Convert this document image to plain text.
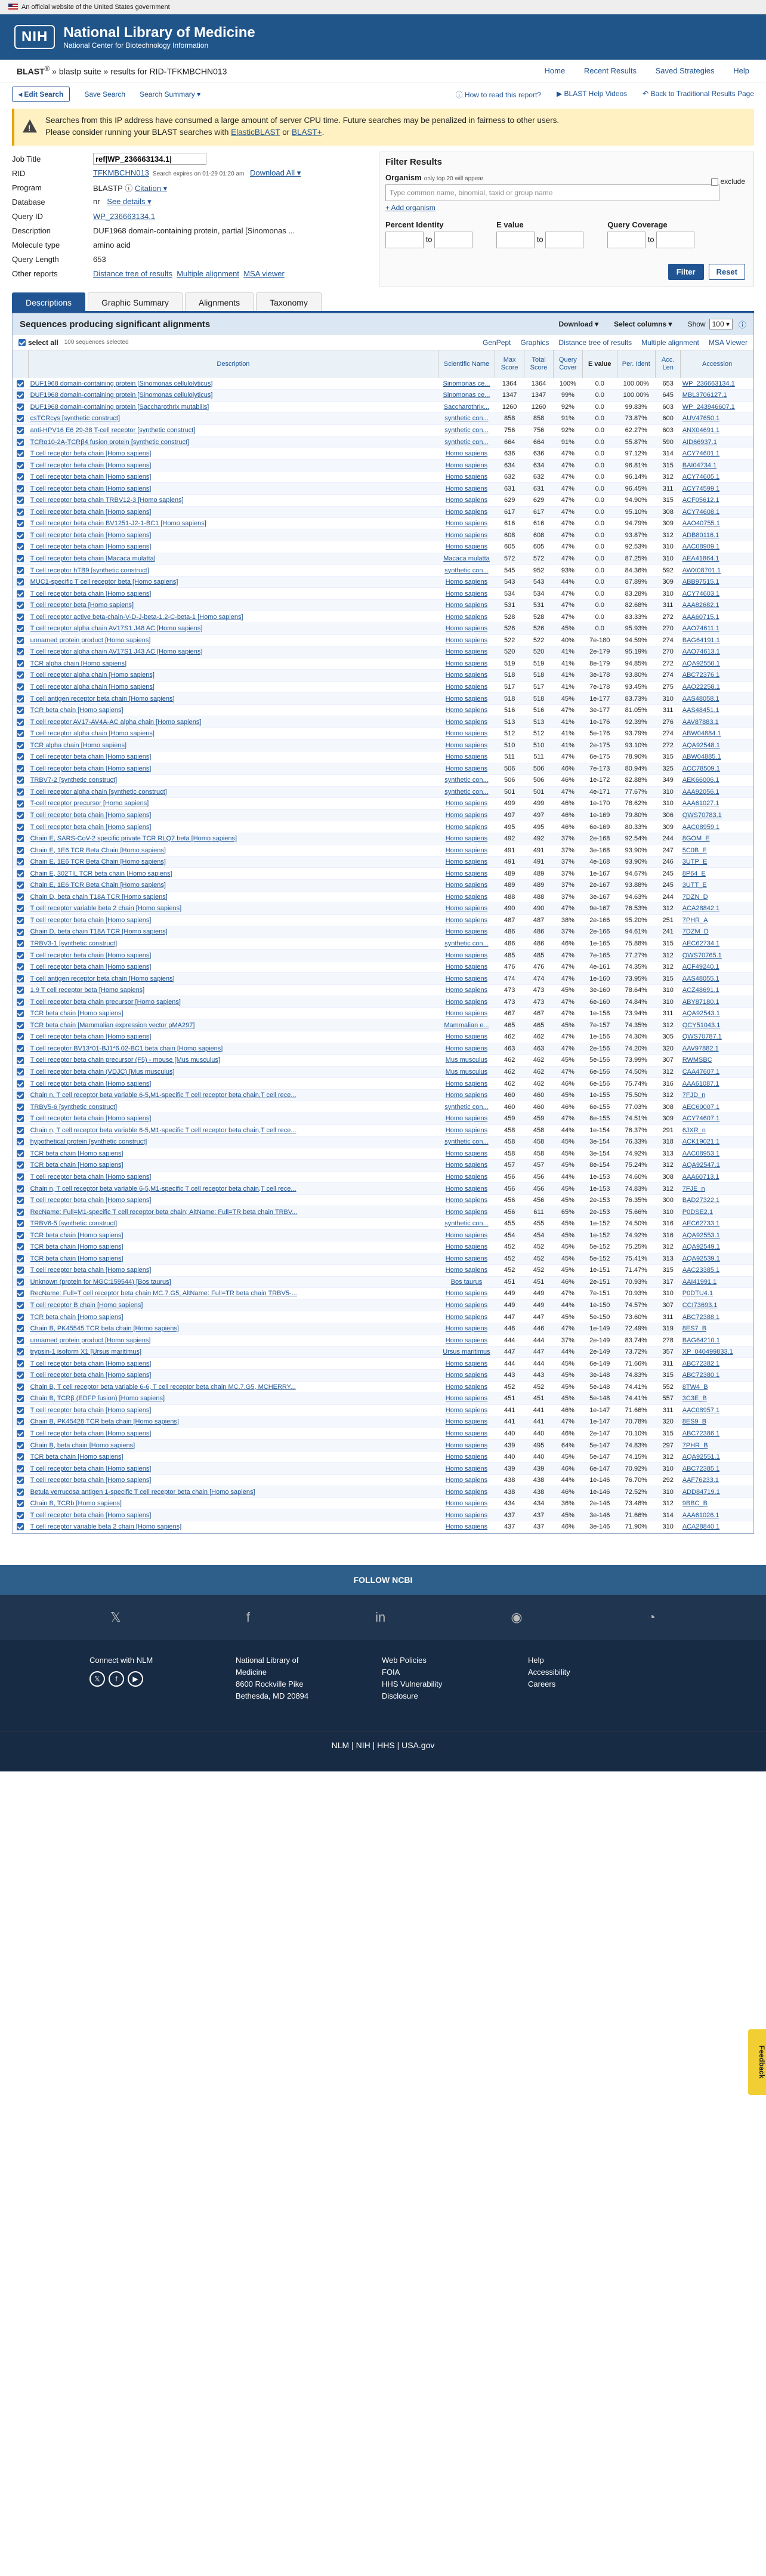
An official website of the United States government
NIH	National Library of Medicine
National Center for Biotechnology Information
BLAST® » blastp suite » results for RID-TFKMBCHN013	Home Recent Results Saved Strategies Help
◂ Edit Search	Save Search Search Summary ▾	ⓘ How to read this report? ▶ BLAST Help Videos ↶ Back to Traditional Results Page
!
Searches from this IP address have consumed a large amount of server CPU time. Future searches may be penalized in fairness to other users.
Please consider running your BLAST searches with ElasticBLAST or BLAST+.
Job Title
ref|WP_236663134.1|
RID	TFKMBCHN013 Search expires on 01-29 01:20 am Download All ▾
Program	BLASTP ⓘ Citation ▾
Database	nr See details ▾
Query ID	WP_236663134.1
Description	DUF1968 domain-containing protein, partial [Sinomonas ...
Molecule type	amino acid
Query Length	653
Other reports	Distance tree of results Multiple alignment MSA viewer
Filter Results
Organism only top 20 will appear	exclude
Type common name, binomial, taxid or group name
+ Add organism
Percent Identity
to
E value
to
Query Coverage
to
Filter	Reset
Descriptions	Graphic Summary	Alignments	Taxonomy
Sequences producing significant alignments	Download ▾ Select columns ▾ Show 100 ▾	ⓘ
select all 100 sequences selected	GenPept Graphics Distance tree of results Multiple alignment MSA Viewer
	Description	Scientific Name	Max Score	Total Score	Query Cover	E value	Per. Ident	Acc. Len	Accession
	DUF1968 domain-containing protein [Sinomonas cellulolyticus]	Sinomonas ce...	1364	1364	100%	0.0	100.00%	653	WP_236663134.1
	DUF1968 domain-containing protein [Sinomonas cellulolyticus]	Sinomonas ce...	1347	1347	99%	0.0	100.00%	645	MBL3706127.1
	DUF1968 domain-containing protein [Saccharothrix mutabilis]	Saccharothrix...	1260	1260	92%	0.0	99.83%	603	WP_243946607.1
	csTCRcys [synthetic construct]	synthetic con...	858	858	91%	0.0	73.87%	600	AUV47650.1
	anti-HPV16 E6 29-38 T-cell receptor [synthetic construct]	synthetic con...	756	756	92%	0.0	62.27%	603	ANX04691.1
	TCRα10-2A-TCRβ4 fusion protein [synthetic construct]	synthetic con...	664	664	91%	0.0	55.87%	590	AID66937.1
	T cell receptor beta chain [Homo sapiens]	Homo sapiens	636	636	47%	0.0	97.12%	314	ACY74601.1
	T cell receptor beta chain [Homo sapiens]	Homo sapiens	634	634	47%	0.0	96.81%	315	BAI04734.1
	T cell receptor beta chain [Homo sapiens]	Homo sapiens	632	632	47%	0.0	96.14%	312	ACY74605.1
	T cell receptor beta chain [Homo sapiens]	Homo sapiens	631	631	47%	0.0	96.45%	311	ACY74599.1
	T cell receptor beta chain TRBV12-3 [Homo sapiens]	Homo sapiens	629	629	47%	0.0	94.90%	315	ACF05612.1
	T cell receptor beta chain [Homo sapiens]	Homo sapiens	617	617	47%	0.0	95.10%	308	ACY74608.1
	T cell receptor beta chain BV1251-J2-1-BC1 [Homo sapiens]	Homo sapiens	616	616	47%	0.0	94.79%	309	AAO40755.1
	T cell receptor beta chain [Homo sapiens]	Homo sapiens	608	608	47%	0.0	93.87%	312	ADB80116.1
	T cell receptor beta chain [Homo sapiens]	Homo sapiens	605	605	47%	0.0	92.53%	310	AAC08909.1
	T cell receptor beta chain [Macaca mulatta]	Macaca mulatta	572	572	47%	0.0	87.25%	310	AEA41864.1
	T cell receptor hTB9 [synthetic construct]	synthetic con...	545	952	93%	0.0	84.36%	592	AWX08701.1
	MUC1-specific T cell receptor beta [Homo sapiens]	Homo sapiens	543	543	44%	0.0	87.89%	309	ABB97515.1
	T cell receptor beta chain [Homo sapiens]	Homo sapiens	534	534	47%	0.0	83.28%	310	ACY74603.1
	T cell receptor beta [Homo sapiens]	Homo sapiens	531	531	47%	0.0	82.68%	311	AAA82682.1
	T cell receptor active beta-chain-V-D-J-beta-1.2-C-beta-1 [Homo sapiens]	Homo sapiens	528	528	47%	0.0	83.33%	272	AAA60715.1
	T cell receptor alpha chain AV17S1 J48 AC [Homo sapiens]	Homo sapiens	526	526	45%	0.0	95.93%	270	AAO74611.1
	unnamed protein product [Homo sapiens]	Homo sapiens	522	522	40%	7e-180	94.59%	274	BAG64191.1
	T cell receptor alpha chain AV17S1 J43 AC [Homo sapiens]	Homo sapiens	520	520	41%	2e-179	95.19%	270	AAO74613.1
	TCR alpha chain [Homo sapiens]	Homo sapiens	519	519	41%	8e-179	94.85%	272	AQA92550.1
	T cell receptor alpha chain [Homo sapiens]	Homo sapiens	518	518	41%	3e-178	93.80%	274	ABC72376.1
	T cell receptor alpha chain [Homo sapiens]	Homo sapiens	517	517	41%	7e-178	93.45%	275	AAO22258.1
	T cell antigen receptor beta chain [Homo sapiens]	Homo sapiens	518	518	45%	1e-177	83.73%	310	AAS48058.1
	TCR beta chain [Homo sapiens]	Homo sapiens	516	516	47%	3e-177	81.05%	311	AAS48451.1
	T cell receptor AV17-AV4A-AC alpha chain [Homo sapiens]	Homo sapiens	513	513	41%	1e-176	92.39%	276	AAV87883.1
	T cell receptor alpha chain [Homo sapiens]	Homo sapiens	512	512	41%	5e-176	93.79%	274	ABW04884.1
	TCR alpha chain [Homo sapiens]	Homo sapiens	510	510	41%	2e-175	93.10%	272	AQA92548.1
	T cell receptor beta chain [Homo sapiens]	Homo sapiens	511	511	47%	6e-175	78.90%	315	ABW04885.1
	T cell receptor beta chain [Homo sapiens]	Homo sapiens	506	506	46%	7e-173	80.94%	325	ACC78509.1
	TRBV7-2 [synthetic construct]	synthetic con...	506	506	46%	1e-172	82.88%	349	AEK66006.1
	T cell receptor alpha chain [synthetic construct]	synthetic con...	501	501	47%	4e-171	77.67%	310	AAA92056.1
	T-cell receptor precursor [Homo sapiens]	Homo sapiens	499	499	46%	1e-170	78.62%	310	AAA61027.1
	T cell receptor beta chain [Homo sapiens]	Homo sapiens	497	497	46%	1e-169	79.80%	306	QWS70783.1
	T cell receptor beta chain [Homo sapiens]	Homo sapiens	495	495	46%	6e-169	80.33%	309	AAC08959.1
	Chain E, SARS-CoV-2 specific private TCR RLQ7 beta [Homo sapiens]	Homo sapiens	492	492	37%	2e-168	92.54%	244	8GOM_E
	Chain E, 1E6 TCR Beta Chain [Homo sapiens]	Homo sapiens	491	491	37%	3e-168	93.90%	247	5C0B_E
	Chain E, 1E6 TCR Beta Chain [Homo sapiens]	Homo sapiens	491	491	37%	4e-168	93.90%	246	3UTP_E
	Chain E, 302TIL TCR beta chain [Homo sapiens]	Homo sapiens	489	489	37%	1e-167	94.67%	245	8P64_E
	Chain E, 1E6 TCR Beta Chain [Homo sapiens]	Homo sapiens	489	489	37%	2e-167	93.88%	245	3UTT_E
	Chain D, beta chain T18A TCR [Homo sapiens]	Homo sapiens	488	488	37%	3e-167	94.63%	244	7DZN_D
	T cell receptor variable beta 2 chain [Homo sapiens]	Homo sapiens	490	490	47%	9e-167	76.53%	312	ACA28842.1
	T cell receptor beta chain [Homo sapiens]	Homo sapiens	487	487	38%	2e-166	95.20%	251	7PHR_A
	Chain D, beta chain T18A TCR [Homo sapiens]	Homo sapiens	486	486	37%	2e-166	94.61%	241	7DZM_D
	TRBV3-1 [synthetic construct]	synthetic con...	486	486	46%	1e-165	75.88%	315	AEC62734.1
	T cell receptor beta chain [Homo sapiens]	Homo sapiens	485	485	47%	7e-165	77.27%	312	QWS70765.1
	T cell receptor beta chain [Homo sapiens]	Homo sapiens	476	476	47%	4e-161	74.35%	312	ACF49240.1
	T cell antigen receptor beta chain [Homo sapiens]	Homo sapiens	474	474	47%	1e-160	73.95%	315	AAS48055.1
	1.9 T cell receptor beta [Homo sapiens]	Homo sapiens	473	473	45%	3e-160	78.64%	310	ACZ48691.1
	T cell receptor beta chain precursor [Homo sapiens]	Homo sapiens	473	473	47%	6e-160	74.84%	310	ABY87180.1
	TCR beta chain [Homo sapiens]	Homo sapiens	467	467	47%	1e-158	73.94%	311	AQA92543.1
	TCR beta chain [Mammalian expression vector pMA297]	Mammalian e...	465	465	45%	7e-157	74.35%	312	QCY51043.1
	T cell receptor beta chain [Homo sapiens]	Homo sapiens	462	462	47%	1e-156	74.30%	305	QWS70787.1
	T cell receptor BV13*01-BJ1*6.02-BC1 beta chain [Homo sapiens]	Homo sapiens	463	463	47%	2e-156	74.20%	320	AAV97882.1
	T cell receptor beta chain precursor (F5) - mouse [Mus musculus]	Mus musculus	462	462	45%	5e-156	73.99%	307	RWMSBC
	T cell receptor beta chain (VDJC) [Mus musculus]	Mus musculus	462	462	47%	6e-156	74.50%	312	CAA47607.1
	T cell receptor beta chain [Homo sapiens]	Homo sapiens	462	462	46%	6e-156	75.74%	316	AAA61087.1
	Chain n, T cell receptor beta variable 6-5,M1-specific T cell receptor beta chain,T cell rece...	Homo sapiens	460	460	45%	1e-155	75.50%	312	7FJD_n
	TRBV5-6 [synthetic construct]	synthetic con...	460	460	46%	6e-155	77.03%	308	AEC60007.1
	T cell receptor beta chain [Homo sapiens]	Homo sapiens	459	459	47%	8e-155	74.51%	309	ACY74607.1
	Chain n, T cell receptor beta variable 6-5,M1-specific T cell receptor beta chain,T cell rece...	Homo sapiens	458	458	44%	1e-154	76.37%	291	6JXR_n
	hypothetical protein [synthetic construct]	synthetic con...	458	458	45%	3e-154	76.33%	318	ACK19021.1
	TCR beta chain [Homo sapiens]	Homo sapiens	458	458	45%	3e-154	74.92%	313	AAC08953.1
	TCR beta chain [Homo sapiens]	Homo sapiens	457	457	45%	8e-154	75.24%	312	AQA92547.1
	T cell receptor beta chain [Homo sapiens]	Homo sapiens	456	456	44%	1e-153	74.60%	308	AAA60713.1
	Chain n, T cell receptor beta variable 6-5,M1-specific T cell receptor beta chain,T cell rece...	Homo sapiens	456	456	45%	1e-153	74.83%	312	7FJE_n
	T cell receptor beta chain [Homo sapiens]	Homo sapiens	456	456	45%	2e-153	76.35%	300	BAD27322.1
	RecName: Full=M1-specific T cell receptor beta chain; AltName: Full=TR beta chain TRBV...	Homo sapiens	456	611	65%	2e-153	75.66%	310	P0DSE2.1
	TRBV6-5 [synthetic construct]	synthetic con...	455	455	45%	1e-152	74.50%	316	AEC62733.1
	TCR beta chain [Homo sapiens]	Homo sapiens	454	454	45%	1e-152	74.92%	316	AQA92553.1
	TCR beta chain [Homo sapiens]	Homo sapiens	452	452	45%	5e-152	75.25%	312	AQA92549.1
	TCR beta chain [Homo sapiens]	Homo sapiens	452	452	45%	5e-152	75.41%	313	AQA92539.1
	T cell receptor beta chain [Homo sapiens]	Homo sapiens	452	452	45%	1e-151	71.47%	315	AAC23385.1
	Unknown (protein for MGC:159544) [Bos taurus]	Bos taurus	451	451	46%	2e-151	70.93%	317	AAI41991.1
	RecName: Full=T cell receptor beta chain MC.7.G5; AltName: Full=TR beta chain TRBV5-...	Homo sapiens	449	449	47%	7e-151	70.93%	310	P0DTU4.1
	T cell receptor B chain [Homo sapiens]	Homo sapiens	449	449	44%	1e-150	74.57%	307	CCI73693.1
	TCR beta chain [Homo sapiens]	Homo sapiens	447	447	45%	5e-150	73.60%	311	ABC72388.1
	Chain B, PK45545 TCR beta chain [Homo sapiens]	Homo sapiens	446	446	47%	1e-149	72.49%	319	8ES7_B
	unnamed protein product [Homo sapiens]	Homo sapiens	444	444	37%	2e-149	83.74%	278	BAG64210.1
	trypsin-1 isoform X1 [Ursus maritimus]	Ursus maritimus	447	447	44%	2e-149	73.72%	357	XP_040499833.1
	T cell receptor beta chain [Homo sapiens]	Homo sapiens	444	444	45%	6e-149	71.66%	311	ABC72382.1
	T cell receptor beta chain [Homo sapiens]	Homo sapiens	443	443	45%	3e-148	74.83%	315	ABC72380.1
	Chain B, T cell receptor beta variable 6-6, T cell receptor beta chain MC.7.G5, MCHERRY...	Homo sapiens	452	452	45%	5e-148	74.41%	552	8TW4_B
	Chain B, TCRβ (EDFP fusion) [Homo sapiens]	Homo sapiens	451	451	45%	5e-148	74.41%	557	3C3E_B
	T cell receptor beta chain [Homo sapiens]	Homo sapiens	441	441	46%	1e-147	71.66%	311	AAC08957.1
	Chain B, PK45428 TCR beta chain [Homo sapiens]	Homo sapiens	441	441	47%	1e-147	70.78%	320	8ES9_B
	T cell receptor beta chain [Homo sapiens]	Homo sapiens	440	440	46%	2e-147	70.10%	315	ABC72386.1
	Chain B, beta chain [Homo sapiens]	Homo sapiens	439	495	64%	5e-147	74.83%	297	7PHR_B
	TCR beta chain [Homo sapiens]	Homo sapiens	440	440	45%	5e-147	74.15%	312	AQA92551.1
	T cell receptor beta chain [Homo sapiens]	Homo sapiens	439	439	46%	6e-147	70.92%	310	ABC72385.1
	T cell receptor beta chain [Homo sapiens]	Homo sapiens	438	438	44%	1e-146	76.70%	292	AAF76233.1
	Betula verrucosa antigen 1-specific T cell receptor beta chain [Homo sapiens]	Homo sapiens	438	438	46%	1e-146	72.52%	310	ADD84719.1
	Chain B, TCRb [Homo sapiens]	Homo sapiens	434	434	36%	2e-146	73.48%	312	9BBC_B
	T cell receptor beta chain [Homo sapiens]	Homo sapiens	437	437	45%	3e-146	71.66%	314	AAA61026.1
	T cell receptor variable beta 2 chain [Homo sapiens]	Homo sapiens	437	437	46%	3e-146	71.90%	310	ACA28840.1
FOLLOW NCBI
𝕏	f	in	◉	◔
Connect with NLM
𝕏 f ▶
National Library of
Medicine
8600 Rockville Pike
Bethesda, MD 20894
Web Policies
FOIA
HHS Vulnerability
Disclosure
Help
Accessibility
Careers
NLM | NIH | HHS | USA.gov
Feedback
